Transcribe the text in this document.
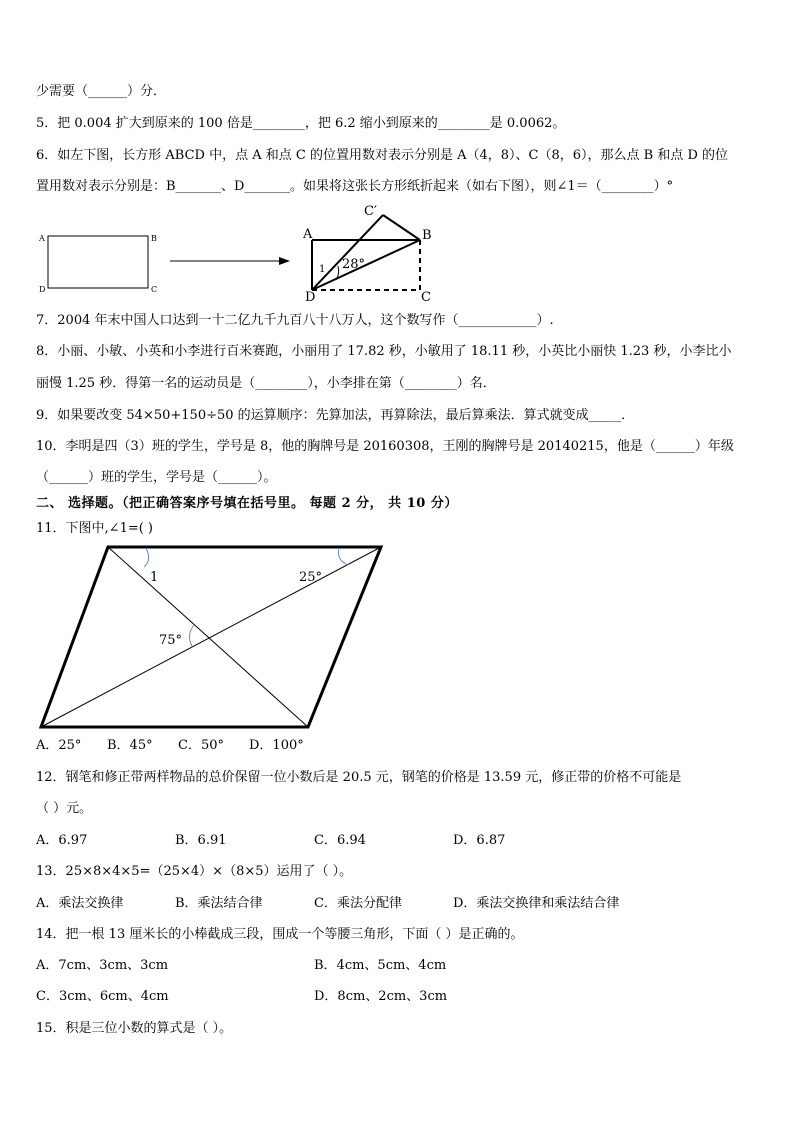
少需要（______）分．
5．把 0.004 扩大到原来的 100 倍是________，把 6.2 缩小到原来的________是 0.0062。
6．如左下图，长方形 ABCD 中，点 A 和点 C 的位置用数对表示分别是 A（4，8）、C（8，6），那么点 B 和点 D 的位
置用数对表示分别是：B_______、D_______。如果将这张长方形纸折起来（如右下图），则∠1＝（________）°
A	B
D	C
A	B
C′
D	C
1 28°
7．2004 年末中国人口达到一十二亿九千九百八十八万人，这个数写作（____________）.
8．小丽、小敏、小英和小李进行百米赛跑，小丽用了 17.82 秒，小敏用了 18.11 秒，小英比小丽快 1.23 秒，小李比小
丽慢 1.25 秒．得第一名的运动员是（________），小李排在第（________）名．
9．如果要改变 54×50+150÷50 的运算顺序：先算加法，再算除法，最后算乘法．算式就变成_____．
10．李明是四（3）班的学生，学号是 8，他的胸牌号是 20160308，王刚的胸牌号是 20140215，他是（______）年级
（______）班的学生，学号是（______）。
二、 选择题。（把正确答案序号填在括号里。 每题 2 分， 共 10 分）
11．下图中,∠1=( )
1	25°
75°
A．25° B．45° C．50° D．100°
12．钢笔和修正带两样物品的总价保留一位小数后是 20.5 元，钢笔的价格是 13.59 元，修正带的价格不可能是
（ ）元。
A．6.97	B．6.91	C．6.94	D．6.87
13．25×8×4×5=（25×4）×（8×5）运用了（ ）。
A．乘法交换律	B．乘法结合律	C．乘法分配律	D．乘法交换律和乘法结合律
14．把一根 13 厘米长的小棒截成三段，围成一个等腰三角形，下面（ ）是正确的。
A．7cm、3cm、3cm	B．4cm、5cm、4cm
C．3cm、6cm、4cm	D．8cm、2cm、3cm
15．积是三位小数的算式是（ ）。
